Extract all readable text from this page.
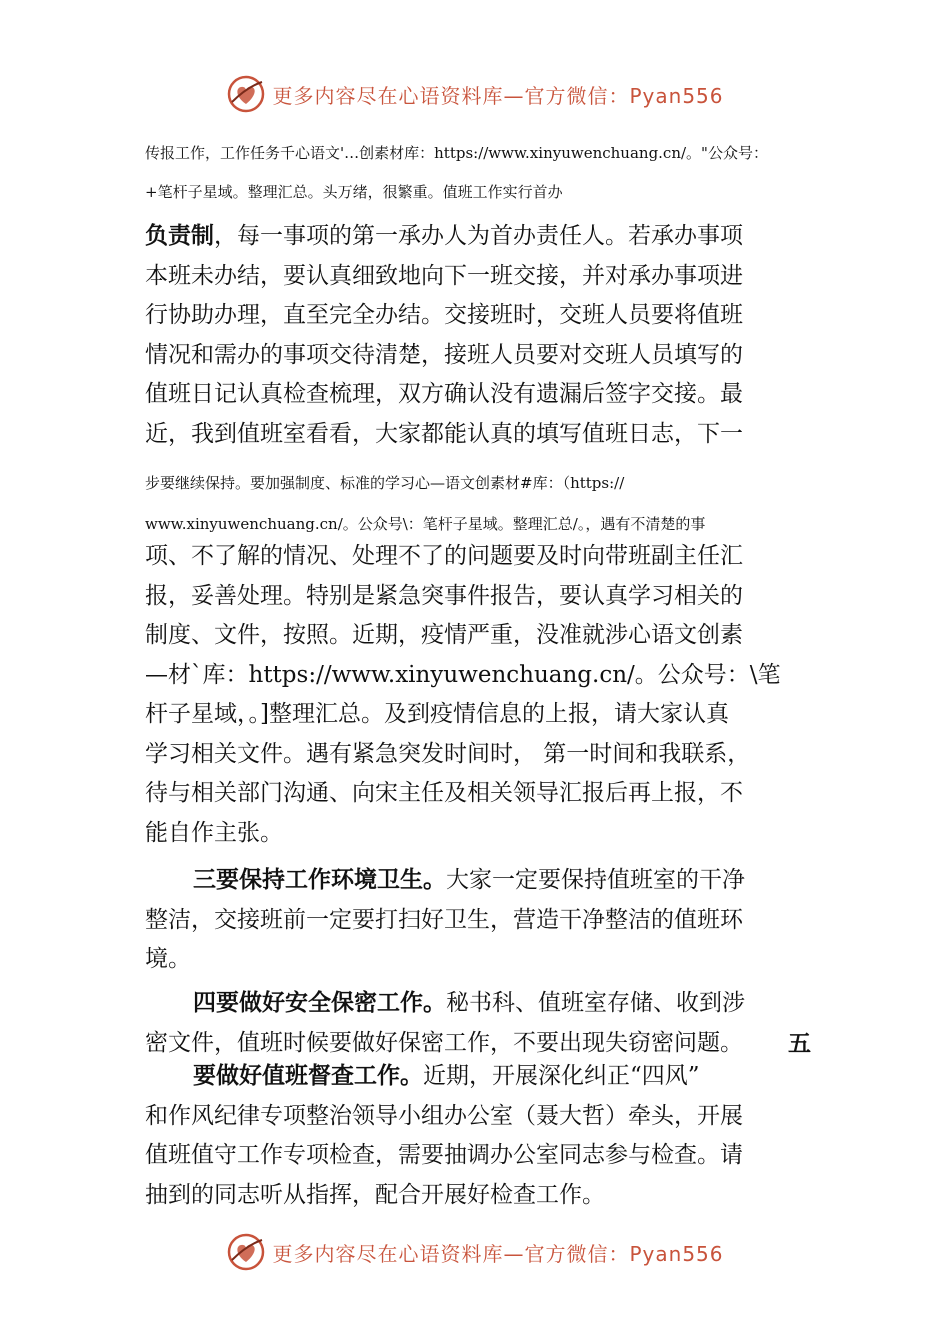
更多内容尽在心语资料库—官方微信：Pyan556
传报工作，工作任务千心语文'…创素材库：https://www.xinyuwenchuang.cn/。"公众号：
+笔杆子星域。整理汇总。头万绪，很繁重。值班工作实行首办

负责制，每一事项的第一承办人为首办责任人。若承办事项

本班未办结，要认真细致地向下一班交接，并对承办事项进

行协助办理，直至完全办结。交接班时，交班人员要将值班

情况和需办的事项交待清楚，接班人员要对交班人员填写的

值班日记认真检查梳理，双方确认没有遗漏后签字交接。最

近，我到值班室看看，大家都能认真的填写值班日志，下一

步要继续保持。要加强制度、标准的学习心—语文创素材#库：（https://
www.xinyuwenchuang.cn/。公众号\：笔杆子星域。整理汇总/。，遇有不清楚的事

项、不了解的情况、处理不了的问题要及时向带班副主任汇

报，妥善处理。特别是紧急突事件报告，要认真学习相关的

制度、文件，按照。近期，疫情严重，没准就涉心语文创素

—材`库：https://www.xinyuwenchuang.cn/。公众号：\笔

杆子星域，。]整理汇总。及到疫情信息的上报，请大家认真

学习相关文件。遇有紧急突发时间时， 第一时间和我联系，

待与相关部门沟通、向宋主任及相关领导汇报后再上报，不

能自作主张。

三要保持工作环境卫生。大家一定要保持值班室的干净

整洁，交接班前一定要打扫好卫生，营造干净整洁的值班环

境。

四要做好安全保密工作。秘书科、值班室存储、收到涉

密文件，值班时候要做好保密工作，不要出现失窃密问题。	五

要做好值班督查工作。近期，开展深化纠正“四风”

和作风纪律专项整治领导小组办公室（聂大哲）牵头，开展

值班值守工作专项检查，需要抽调办公室同志参与检查。请

抽到的同志听从指挥，配合开展好检查工作。

更多内容尽在心语资料库—官方微信：Pyan556
